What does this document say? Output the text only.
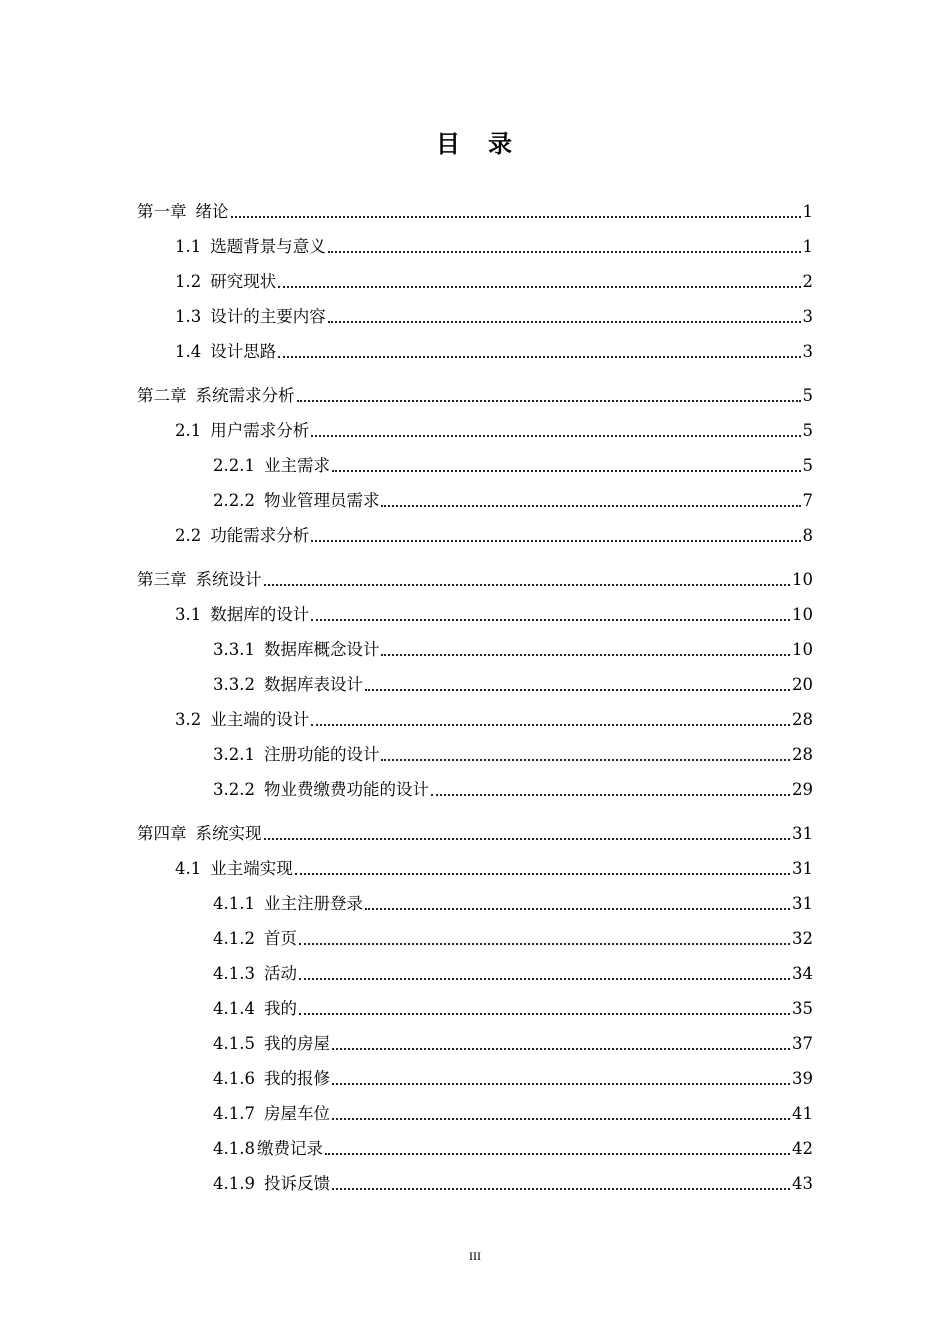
目　录
第一章 绪论	1
1.1 选题背景与意义	1
1.2 研究现状	2
1.3 设计的主要内容	3
1.4 设计思路	3
第二章 系统需求分析	5
2.1 用户需求分析	5
2.2.1 业主需求	5
2.2.2 物业管理员需求	7
2.2 功能需求分析	8
第三章 系统设计	10
3.1 数据库的设计	10
3.3.1 数据库概念设计	10
3.3.2 数据库表设计	20
3.2 业主端的设计	28
3.2.1 注册功能的设计	28
3.2.2 物业费缴费功能的设计	29
第四章 系统实现	31
4.1 业主端实现	31
4.1.1 业主注册登录	31
4.1.2 首页	32
4.1.3 活动	34
4.1.4 我的	35
4.1.5 我的房屋	37
4.1.6 我的报修	39
4.1.7 房屋车位	41
4.1.8 缴费记录	42
4.1.9 投诉反馈	43
III
